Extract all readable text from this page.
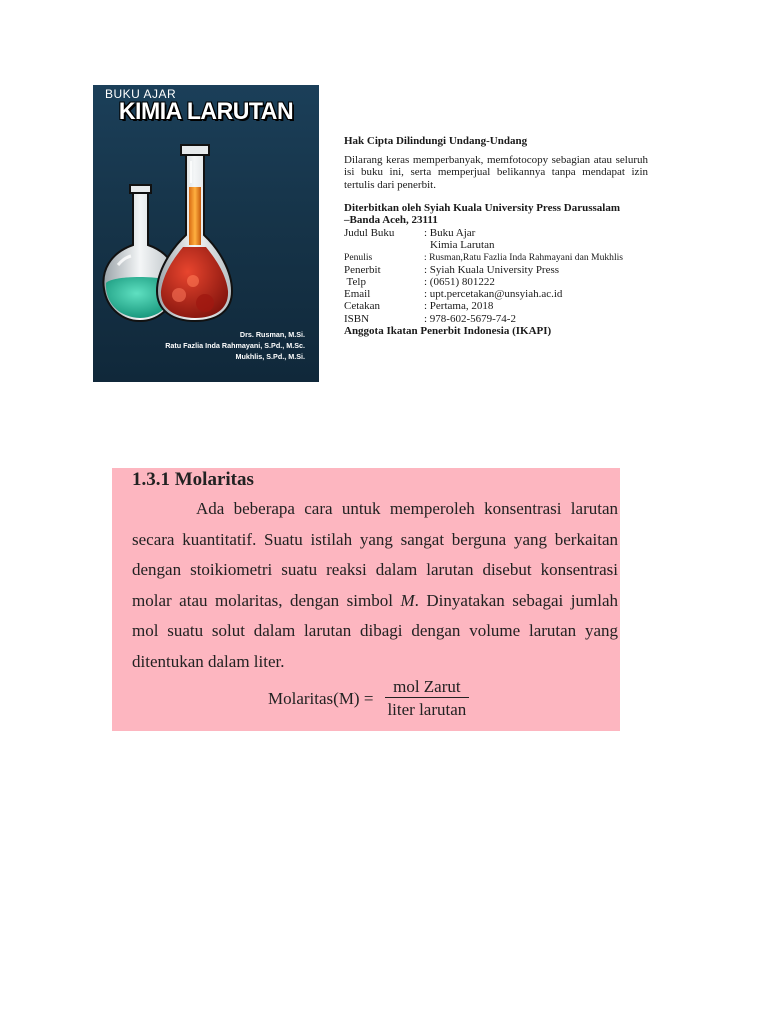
BUKU AJAR
KIMIA LARUTAN
Drs. Rusman, M.Si.
Ratu Fazlia Inda Rahmayani, S.Pd., M.Sc.
Mukhlis, S.Pd., M.Si.
Hak Cipta Dilindungi Undang-Undang
Dilarang keras memperbanyak, memfotocopy sebagian atau seluruh isi buku ini, serta memperjual belikannya tanpa mendapat izin tertulis dari penerbit.
Diterbitkan oleh Syiah Kuala University Press Darussalam
–Banda Aceh, 23111
Judul Buku	: Buku Ajar
Kimia Larutan
Penulis	: Rusman,Ratu Fazlia Inda Rahmayani dan Mukhlis
Penerbit	: Syiah Kuala University Press
Telp	: (0651) 801222
Email	: upt.percetakan@unsyiah.ac.id
Cetakan	: Pertama, 2018
ISBN	: 978-602-5679-74-2
Anggota Ikatan Penerbit Indonesia (IKAPI)
1.3.1 Molaritas

Ada beberapa cara untuk memperoleh konsentrasi larutan secara kuantitatif. Suatu istilah yang sangat berguna yang berkaitan dengan stoikiometri suatu reaksi dalam larutan disebut konsentrasi molar atau molaritas, dengan simbol M. Dinyatakan sebagai jumlah mol suatu solut dalam larutan dibagi dengan volume larutan yang ditentukan dalam liter.

Molaritas(M) = $\frac{\text{mol Zarut}}{\text{liter larutan}}$
